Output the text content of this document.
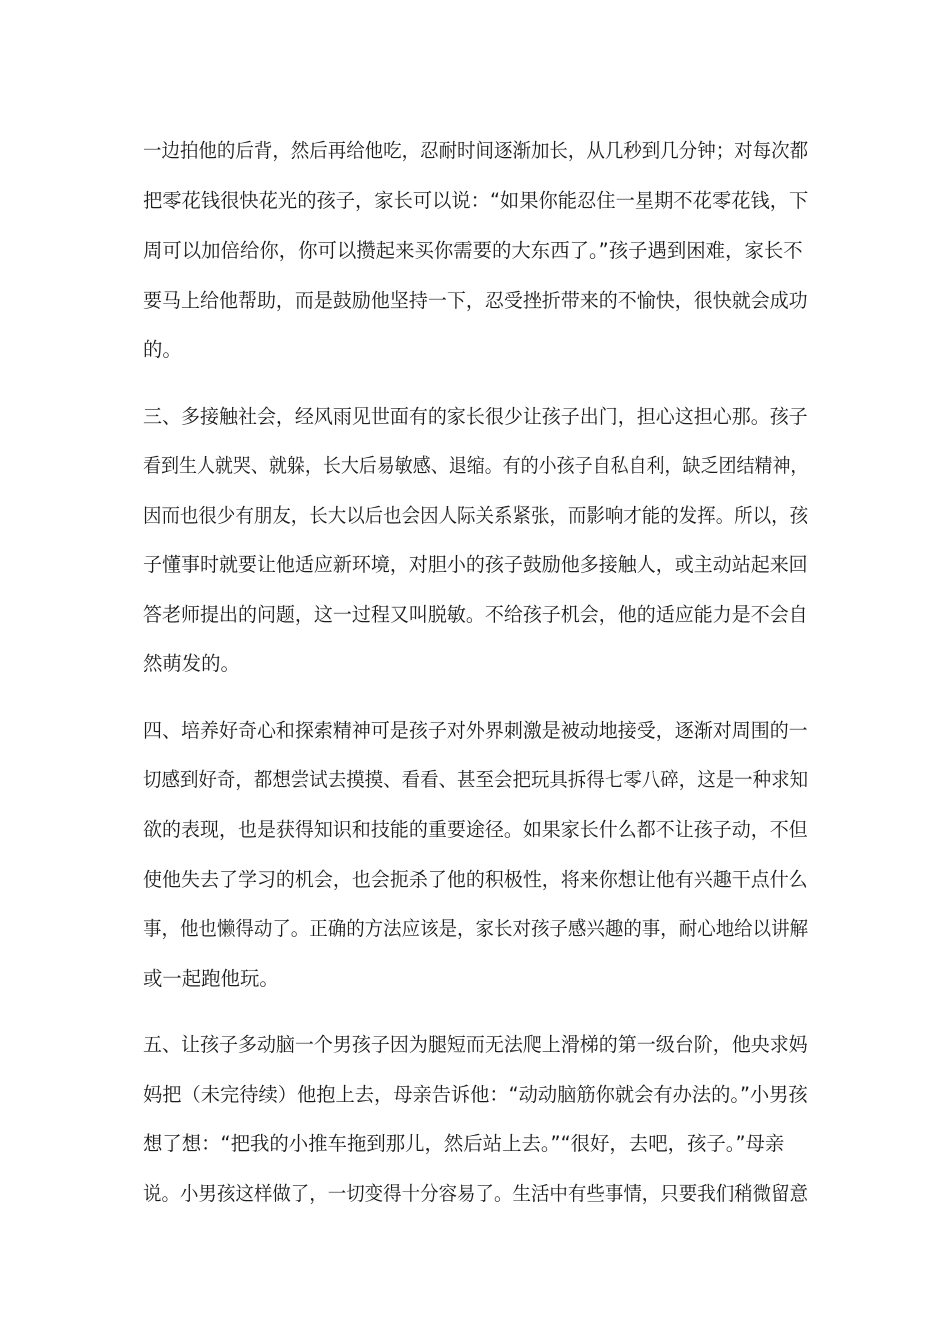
一边拍他的后背，然后再给他吃，忍耐时间逐渐加长，从几秒到几分钟；对每次都
把零花钱很快花光的孩子，家长可以说：“如果你能忍住一星期不花零花钱，下
周可以加倍给你，你可以攒起来买你需要的大东西了。”孩子遇到困难，家长不
要马上给他帮助，而是鼓励他坚持一下，忍受挫折带来的不愉快，很快就会成功
的。
三、多接触社会，经风雨见世面有的家长很少让孩子出门，担心这担心那。孩子
看到生人就哭、就躲，长大后易敏感、退缩。有的小孩子自私自利，缺乏团结精神，
因而也很少有朋友，长大以后也会因人际关系紧张，而影响才能的发挥。所以，孩
子懂事时就要让他适应新环境，对胆小的孩子鼓励他多接触人，或主动站起来回
答老师提出的问题，这一过程又叫脱敏。不给孩子机会，他的适应能力是不会自
然萌发的。
四、培养好奇心和探索精神可是孩子对外界刺激是被动地接受，逐渐对周围的一
切感到好奇，都想尝试去摸摸、看看、甚至会把玩具拆得七零八碎，这是一种求知
欲的表现，也是获得知识和技能的重要途径。如果家长什么都不让孩子动，不但
使他失去了学习的机会，也会扼杀了他的积极性，将来你想让他有兴趣干点什么
事，他也懒得动了。正确的方法应该是，家长对孩子感兴趣的事，耐心地给以讲解
或一起跑他玩。
五、让孩子多动脑一个男孩子因为腿短而无法爬上滑梯的第一级台阶，他央求妈
妈把（未完待续）他抱上去，母亲告诉他：“动动脑筋你就会有办法的。”小男孩
想了想：“把我的小推车拖到那儿，然后站上去。”“很好，去吧，孩子。”母亲
说。小男孩这样做了，一切变得十分容易了。生活中有些事情，只要我们稍微留意
